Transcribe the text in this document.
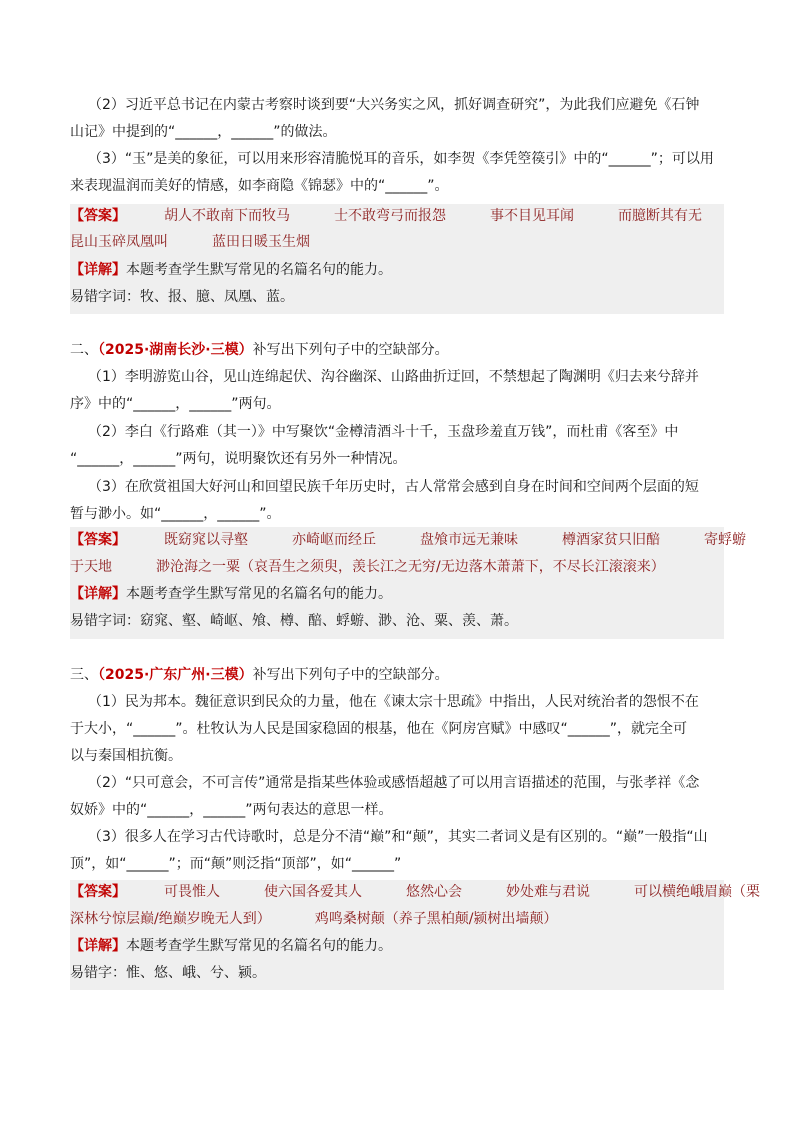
（2）习近平总书记在内蒙古考察时谈到要“大兴务实之风，抓好调查研究”，为此我们应避免《石钟
山记》中提到的“______，______”的做法。
（3）“玉”是美的象征，可以用来形容清脆悦耳的音乐，如李贺《李凭箜篌引》中的“______”；可以用
来表现温润而美好的情感，如李商隐《锦瑟》中的“______”。
【答案】	胡人不敢南下而牧马	士不敢弯弓而报怨	事不目见耳闻	而臆断其有无
昆山玉碎凤凰叫	蓝田日暖玉生烟
【详解】本题考查学生默写常见的名篇名句的能力。
易错字词：牧、报、臆、凤凰、蓝。
二、（2025·湖南长沙·三模）补写出下列句子中的空缺部分。
（1）李明游览山谷，见山连绵起伏、沟谷幽深、山路曲折迂回，不禁想起了陶渊明《归去来兮辞并
序》中的“______，______”两句。
（2）李白《行路难（其一）》中写聚饮“金樽清酒斗十千，玉盘珍羞直万钱”，而杜甫《客至》中
“______，______”两句，说明聚饮还有另外一种情况。
（3）在欣赏祖国大好河山和回望民族千年历史时，古人常常会感到自身在时间和空间两个层面的短
暂与渺小。如“______，______”。
【答案】	既窈窕以寻壑	亦崎岖而经丘	盘飧市远无兼味	樽酒家贫只旧醅	寄蜉蝣
于天地	渺沧海之一粟（哀吾生之须臾，羡长江之无穷/无边落木萧萧下，不尽长江滚滚来）
【详解】本题考查学生默写常见的名篇名句的能力。
易错字词：窈窕、壑、崎岖、飧、樽、醅、蜉蝣、渺、沧、粟、羡、萧。
三、（2025·广东广州·三模）补写出下列句子中的空缺部分。
（1）民为邦本。魏征意识到民众的力量，他在《谏太宗十思疏》中指出，人民对统治者的怨恨不在
于大小，“______”。杜牧认为人民是国家稳固的根基，他在《阿房宫赋》中感叹“______”，就完全可
以与秦国相抗衡。
（2）“只可意会，不可言传”通常是指某些体验或感悟超越了可以用言语描述的范围，与张孝祥《念
奴娇》中的“______，______”两句表达的意思一样。
（3）很多人在学习古代诗歌时，总是分不清“巅”和“颠”，其实二者词义是有区别的。“巅”一般指“山
顶”，如“______”；而“颠”则泛指“顶部”，如“______”
【答案】	可畏惟人	使六国各爱其人	悠然心会	妙处难与君说	可以横绝峨眉巅（栗
深林兮惊层巅/绝巅岁晚无人到）	鸡鸣桑树颠（养子黑柏颠/颍树出墙颠）
【详解】本题考查学生默写常见的名篇名句的能力。
易错字：惟、悠、峨、兮、颍。
